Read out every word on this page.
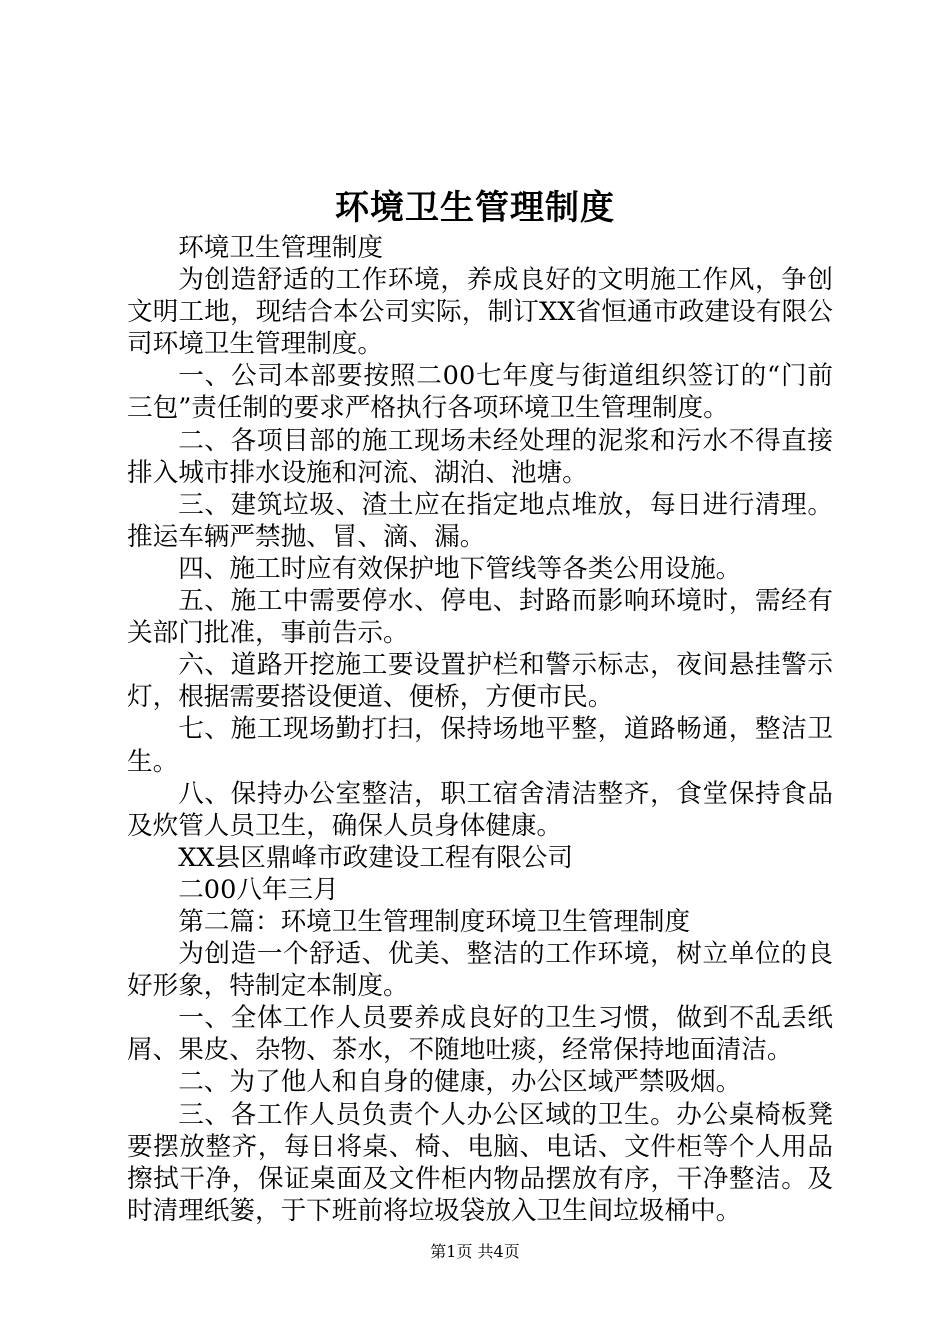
环境卫生管理制度

环境卫生管理制度

为创造舒适的工作环境，养成良好的文明施工作风，争创文明工地，现结合本公司实际，制订XX省恒通市政建设有限公司环境卫生管理制度。

一、公司本部要按照二00七年度与街道组织签订的“门前三包”责任制的要求严格执行各项环境卫生管理制度。

二、各项目部的施工现场未经处理的泥浆和污水不得直接排入城市排水设施和河流、湖泊、池塘。

三、建筑垃圾、渣土应在指定地点堆放，每日进行清理。推运车辆严禁抛、冒、滴、漏。

四、施工时应有效保护地下管线等各类公用设施。

五、施工中需要停水、停电、封路而影响环境时，需经有关部门批准，事前告示。

六、道路开挖施工要设置护栏和警示标志，夜间悬挂警示灯，根据需要搭设便道、便桥，方便市民。

七、施工现场勤打扫，保持场地平整，道路畅通，整洁卫生。

八、保持办公室整洁，职工宿舍清洁整齐，食堂保持食品及炊管人员卫生，确保人员身体健康。

XX县区鼎峰市政建设工程有限公司

二00八年三月

第二篇：环境卫生管理制度环境卫生管理制度

为创造一个舒适、优美、整洁的工作环境，树立单位的良好形象，特制定本制度。

一、全体工作人员要养成良好的卫生习惯，做到不乱丢纸屑、果皮、杂物、茶水，不随地吐痰，经常保持地面清洁。

二、为了他人和自身的健康，办公区域严禁吸烟。

三、各工作人员负责个人办公区域的卫生。办公桌椅板凳要摆放整齐，每日将桌、椅、电脑、电话、文件柜等个人用品擦拭干净，保证桌面及文件柜内物品摆放有序，干净整洁。及时清理纸篓，于下班前将垃圾袋放入卫生间垃圾桶中。

第1页 共4页
